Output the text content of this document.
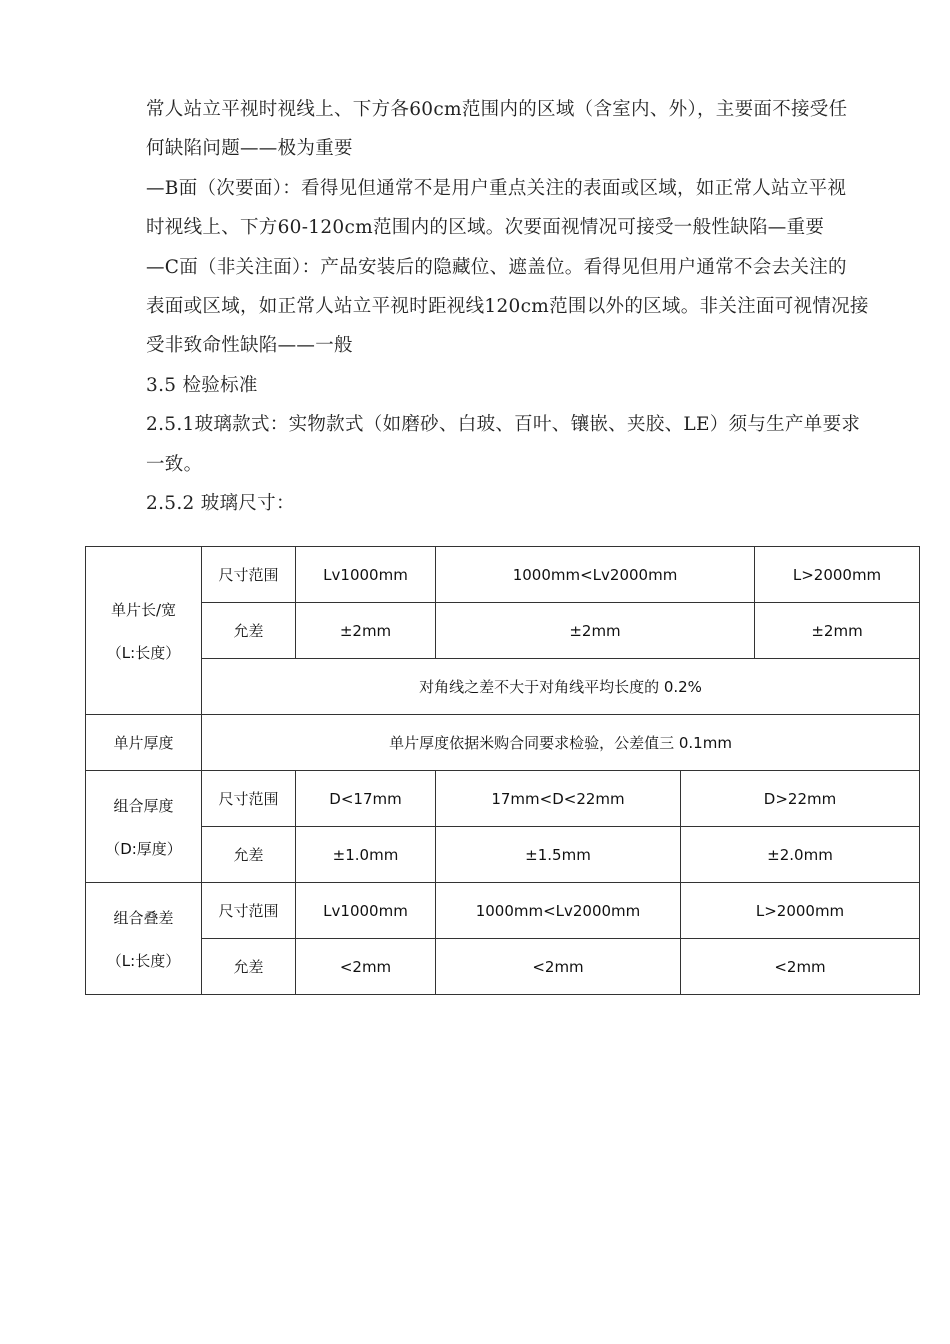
常人站立平视时视线上、下方各60cm范围内的区域（含室内、外），主要面不接受任
何缺陷问题——极为重要
—B面（次要面）：看得见但通常不是用户重点关注的表面或区域，如正常人站立平视
时视线上、下方60-120cm范围内的区域。次要面视情况可接受一般性缺陷—重要
—C面（非关注面）：产品安装后的隐藏位、遮盖位。看得见但用户通常不会去关注的
表面或区域，如正常人站立平视时距视线120cm范围以外的区域。非关注面可视情况接
受非致命性缺陷——一般
3.5 检验标准
2.5.1玻璃款式：实物款式（如磨砂、白玻、百叶、镶嵌、夹胶、LE）须与生产单要求
一致。
2.5.2 玻璃尺寸：
单片长/宽
（L:长度）	尺寸范围	Lv1000mm	1000mm<Lv2000mm		L>2000mm
	允差	±2mm	±2mm		±2mm
	对角线之差不大于对角线平均长度的 0.2%				
单片厚度	单片厚度依据米购合同要求检验，公差值三 0.1mm				

组合厚度
（D:厚度）	尺寸范围	D<17mm	17mm<D<22mm	D>22mm	
	允差	±1.0mm	±1.5mm	±2.0mm	

组合叠差
（L:长度）	尺寸范围	Lv1000mm	1000mm<Lv2000mm	L>2000mm	
	允差	<2mm	<2mm	<2mm	
